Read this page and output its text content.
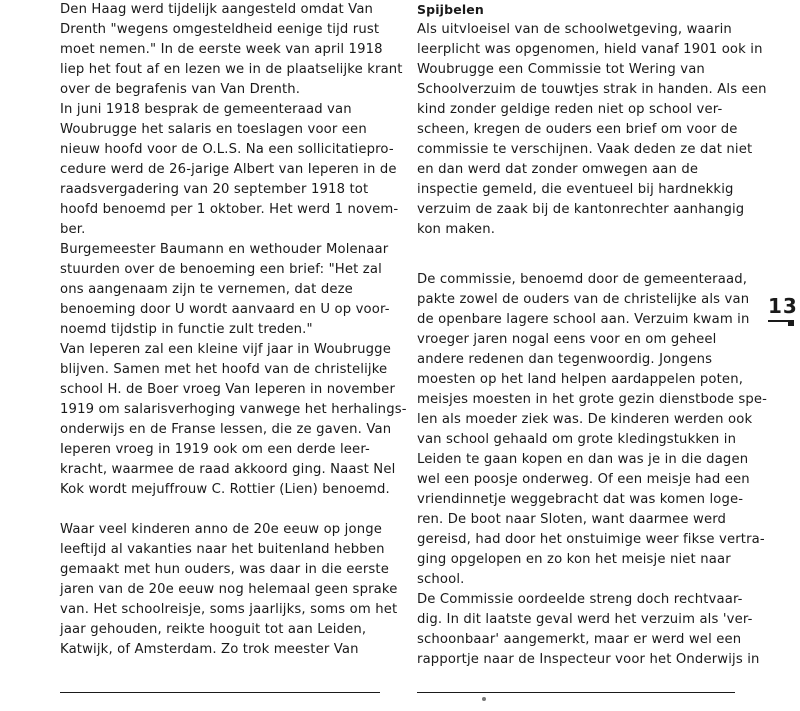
Den Haag werd tijdelijk aangesteld omdat Van
Drenth "wegens omgesteldheid eenige tijd rust
moet nemen." In de eerste week van april 1918
liep het fout af en lezen we in de plaatselijke krant
over de begrafenis van Van Drenth.
In juni 1918 besprak de gemeenteraad van
Woubrugge het salaris en toeslagen voor een
nieuw hoofd voor de O.L.S. Na een sollicitatiepro-
cedure werd de 26-jarige Albert van Ieperen in de
raadsvergadering van 20 september 1918 tot
hoofd benoemd per 1 oktober. Het werd 1 novem-
ber.
Burgemeester Baumann en wethouder Molenaar
stuurden over de benoeming een brief: "Het zal
ons aangenaam zijn te vernemen, dat deze
benoeming door U wordt aanvaard en U op voor-
noemd tijdstip in functie zult treden."
Van Ieperen zal een kleine vijf jaar in Woubrugge
blijven. Samen met het hoofd van de christelijke
school H. de Boer vroeg Van Ieperen in november
1919 om salarisverhoging vanwege het herhalings-
onderwijs en de Franse lessen, die ze gaven. Van
Ieperen vroeg in 1919 ook om een derde leer-
kracht, waarmee de raad akkoord ging. Naast Nel
Kok wordt mejuffrouw C. Rottier (Lien) benoemd.
Waar veel kinderen anno de 20e eeuw op jonge
leeftijd al vakanties naar het buitenland hebben
gemaakt met hun ouders, was daar in die eerste
jaren van de 20e eeuw nog helemaal geen sprake
van. Het schoolreisje, soms jaarlijks, soms om het
jaar gehouden, reikte hooguit tot aan Leiden,
Katwijk, of Amsterdam. Zo trok meester Van
Spijbelen
Als uitvloeisel van de schoolwetgeving, waarin
leerplicht was opgenomen, hield vanaf 1901 ook in
Woubrugge een Commissie tot Wering van
Schoolverzuim de touwtjes strak in handen. Als een
kind zonder geldige reden niet op school ver-
scheen, kregen de ouders een brief om voor de
commissie te verschijnen. Vaak deden ze dat niet
en dan werd dat zonder omwegen aan de
inspectie gemeld, die eventueel bij hardnekkig
verzuim de zaak bij de kantonrechter aanhangig
kon maken.
De commissie, benoemd door de gemeenteraad,
pakte zowel de ouders van de christelijke als van
de openbare lagere school aan. Verzuim kwam in
vroeger jaren nogal eens voor en om geheel
andere redenen dan tegenwoordig. Jongens
moesten op het land helpen aardappelen poten,
meisjes moesten in het grote gezin dienstbode spe-
len als moeder ziek was. De kinderen werden ook
van school gehaald om grote kledingstukken in
Leiden te gaan kopen en dan was je in die dagen
wel een poosje onderweg. Of een meisje had een
vriendinnetje weggebracht dat was komen loge-
ren. De boot naar Sloten, want daarmee werd
gereisd, had door het onstuimige weer fikse vertra-
ging opgelopen en zo kon het meisje niet naar
school.
De Commissie oordeelde streng doch rechtvaar-
dig. In dit laatste geval werd het verzuim als 'ver-
schoonbaar' aangemerkt, maar er werd wel een
rapportje naar de Inspecteur voor het Onderwijs in
13
